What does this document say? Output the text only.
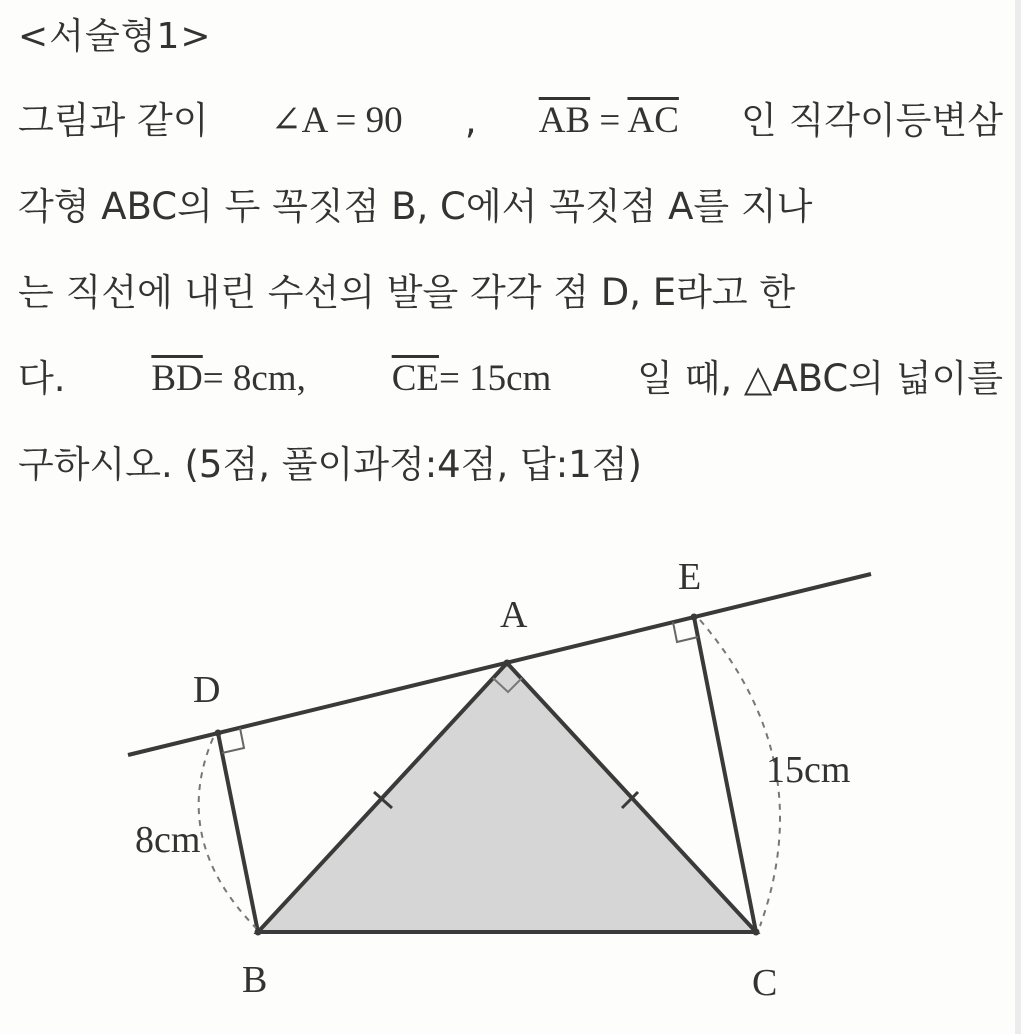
<서술형1>
그림과 같이 ∠A = 90 , $\overline{AB} = \overline{AC}$ 인 직각이등변삼
각형 ABC의 두 꼭짓점 B, C에서 꼭짓점 A를 지나
는 직선에 내린 수선의 발을 각각 점 D, E라고 한
다. $\overline{BD}= 8cm$, $\overline{CE}= 15cm$ 일 때, △ABC의 넓이를
구하시오. (5점, 풀이과정:4점, 답:1점)
A
B	C
D
E
8cm
15cm
